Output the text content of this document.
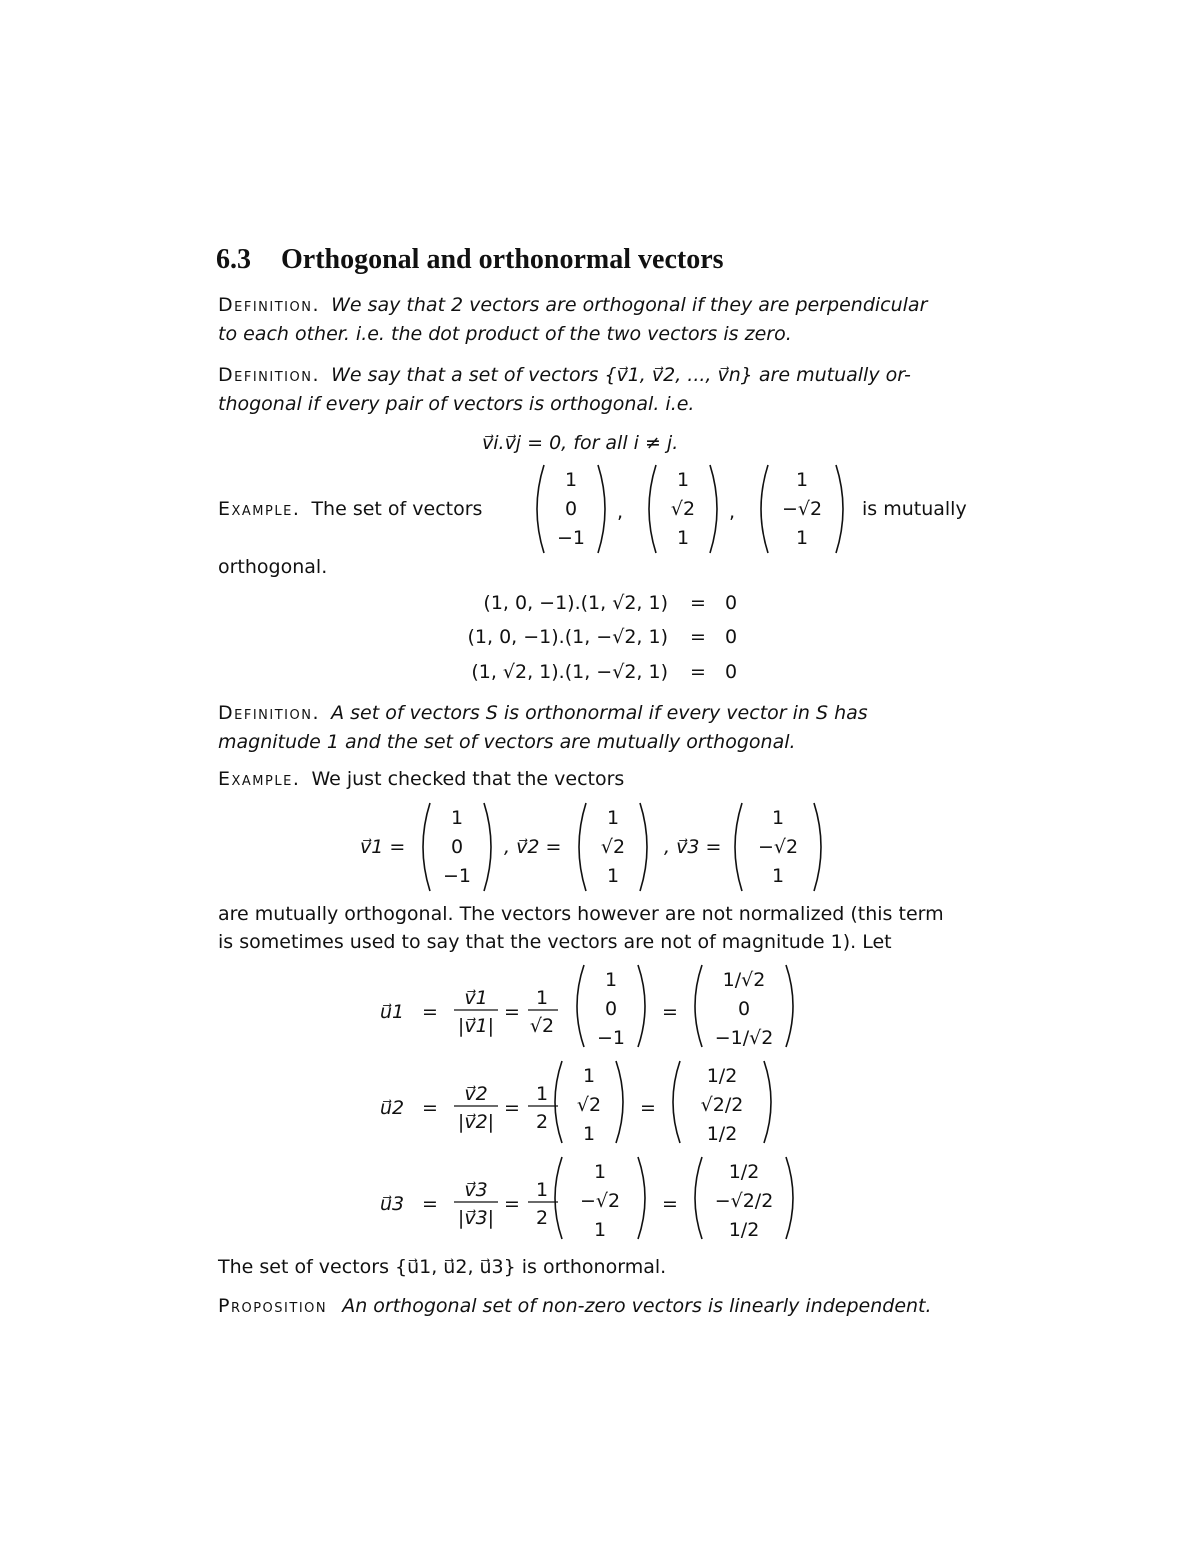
6.3 Orthogonal and orthonormal vectors
Definition. We say that 2 vectors are orthogonal if they are perpendicular
to each other. i.e. the dot product of the two vectors is zero.
Definition. We say that a set of vectors {v⃗1, v⃗2, ..., v⃗n} are mutually or-
thogonal if every pair of vectors is orthogonal. i.e.
v⃗i.v⃗j = 0, for all i ≠ j.
Example. The set of vectors
1
0
−1
,
1
√2
1
,
1
−√2
1
is mutually
orthogonal.
(1, 0, −1).(1, √2, 1) = 0
(1, 0, −1).(1, −√2, 1) = 0
(1, √2, 1).(1, −√2, 1) = 0
Definition. A set of vectors S is orthonormal if every vector in S has
magnitude 1 and the set of vectors are mutually orthogonal.
Example. We just checked that the vectors
v⃗1 =	, v⃗2 =	, v⃗3 =
1
0
−1
1
√2
1
1
−√2
1
are mutually orthogonal. The vectors however are not normalized (this term
is sometimes used to say that the vectors are not of magnitude 1). Let
u⃗1 =
v⃗1
|v⃗1|
=
1
√2
1
0
−1
=
1/√2
0
−1/√2
u⃗2 =
v⃗2
|v⃗2|
=
1
2
1
√2
1
=
1/2
√2/2
1/2
u⃗3 =
v⃗3
|v⃗3|
=
1
2
1
−√2
1
=
1/2
−√2/2
1/2
The set of vectors {u⃗1, u⃗2, u⃗3} is orthonormal.
Proposition An orthogonal set of non-zero vectors is linearly independent.
